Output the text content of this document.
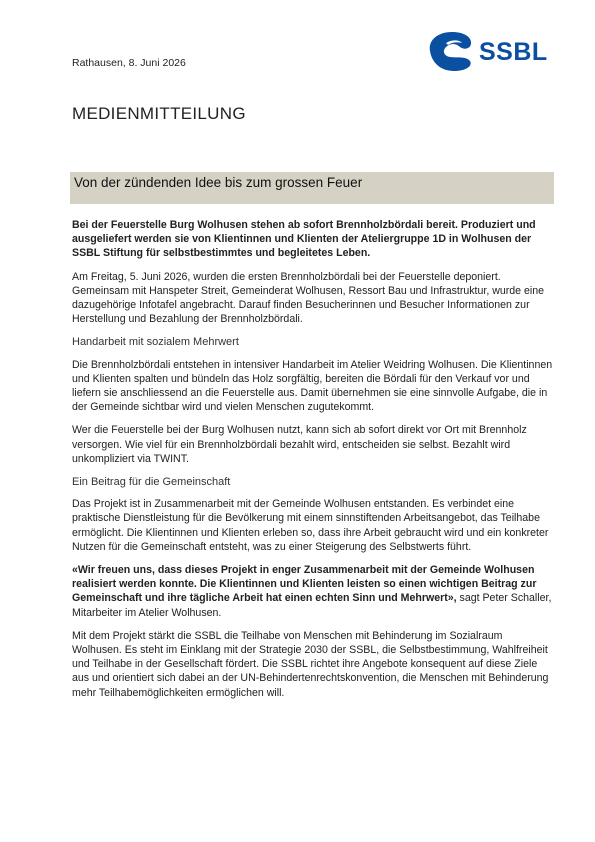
Rathausen, 8. Juni 2026	SSBL
MEDIENMITTEILUNG
Von der zündenden Idee bis zum grossen Feuer

Bei der Feuerstelle Burg Wolhusen stehen ab sofort Brennholzbördali bereit. Produziert und ausgeliefert werden sie von Klientinnen und Klienten der Ateliergruppe 1D in Wolhusen der SSBL Stiftung für selbstbestimmtes und begleitetes Leben.

Am Freitag, 5. Juni 2026, wurden die ersten Brennholzbördali bei der Feuerstelle deponiert. Gemeinsam mit Hanspeter Streit, Gemeinderat Wolhusen, Ressort Bau und Infrastruktur, wurde eine dazugehörige Infotafel angebracht. Darauf finden Besucherinnen und Besucher Informationen zur Herstellung und Bezahlung der Brennholzbördali.

Handarbeit mit sozialem Mehrwert

Die Brennholzbördali entstehen in intensiver Handarbeit im Atelier Weidring Wolhusen. Die Klientinnen und Klienten spalten und bündeln das Holz sorgfältig, bereiten die Bördali für den Verkauf vor und liefern sie anschliessend an die Feuerstelle aus. Damit übernehmen sie eine sinnvolle Aufgabe, die in der Gemeinde sichtbar wird und vielen Menschen zugutekommt.

Wer die Feuerstelle bei der Burg Wolhusen nutzt, kann sich ab sofort direkt vor Ort mit Brennholz versorgen. Wie viel für ein Brennholzbördali bezahlt wird, entscheiden sie selbst. Bezahlt wird unkompliziert via TWINT.

Ein Beitrag für die Gemeinschaft

Das Projekt ist in Zusammenarbeit mit der Gemeinde Wolhusen entstanden. Es verbindet eine praktische Dienstleistung für die Bevölkerung mit einem sinnstiftenden Arbeitsangebot, das Teilhabe ermöglicht. Die Klientinnen und Klienten erleben so, dass ihre Arbeit gebraucht wird und ein konkreter Nutzen für die Gemeinschaft entsteht, was zu einer Steigerung des Selbstwerts führt.

«Wir freuen uns, dass dieses Projekt in enger Zusammenarbeit mit der Gemeinde Wolhusen realisiert werden konnte. Die Klientinnen und Klienten leisten so einen wichtigen Beitrag zur Gemeinschaft und ihre tägliche Arbeit hat einen echten Sinn und Mehrwert», sagt Peter Schaller, Mitarbeiter im Atelier Wolhusen.

Mit dem Projekt stärkt die SSBL die Teilhabe von Menschen mit Behinderung im Sozialraum Wolhusen. Es steht im Einklang mit der Strategie 2030 der SSBL, die Selbstbestimmung, Wahlfreiheit und Teilhabe in der Gesellschaft fördert. Die SSBL richtet ihre Angebote konsequent auf diese Ziele aus und orientiert sich dabei an der UN-Behindertenrechtskonvention, die Menschen mit Behinderung mehr Teilhabemöglichkeiten ermöglichen will.
